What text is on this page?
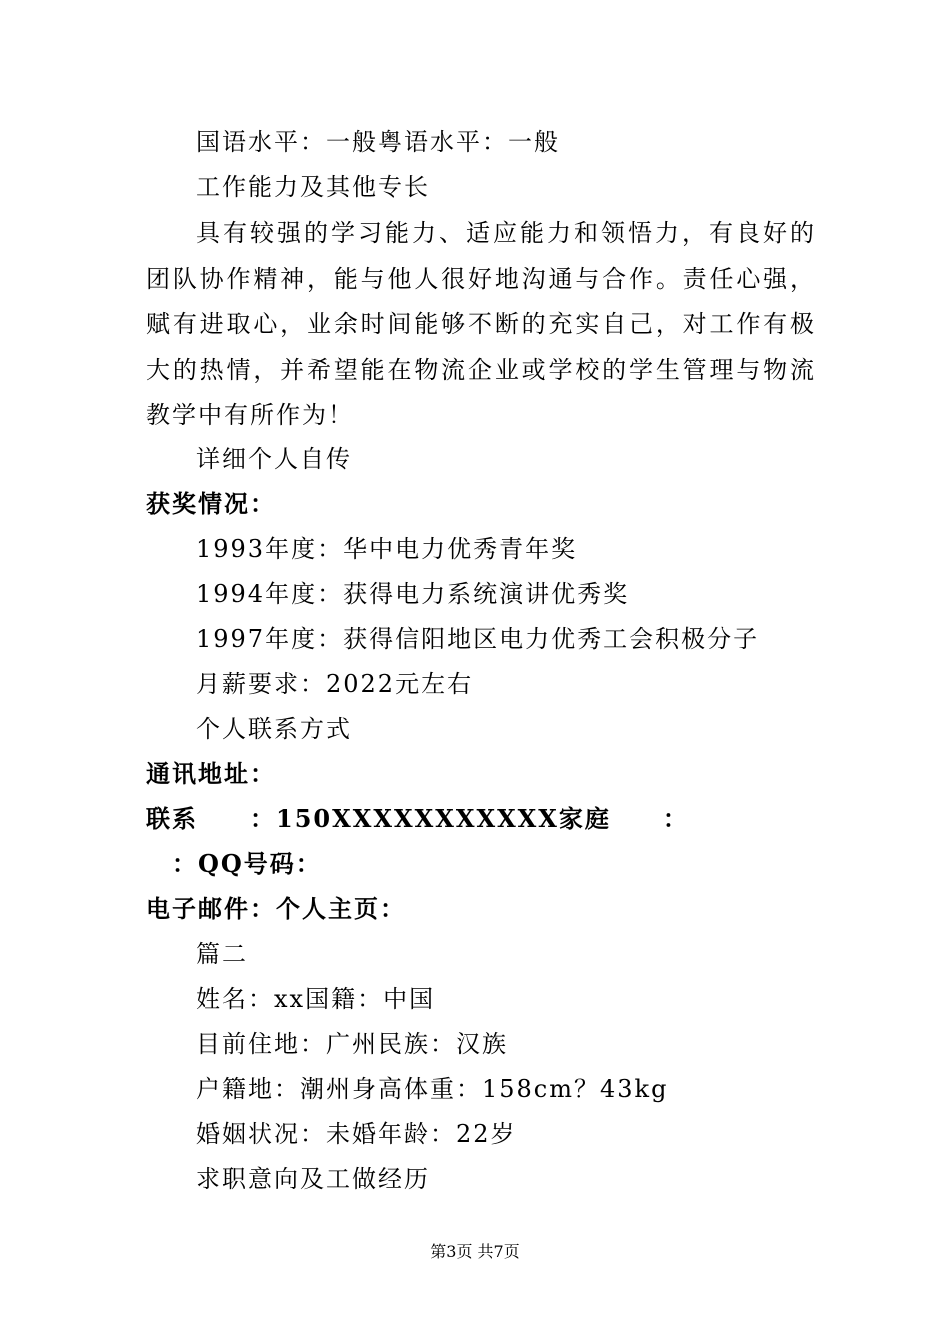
国语水平：一般粤语水平：一般
工作能力及其他专长
具有较强的学习能力、适应能力和领悟力，有良好的团队协作精神，能与他人很好地沟通与合作。责任心强，赋有进取心，业余时间能够不断的充实自己，对工作有极大的热情，并希望能在物流企业或学校的学生管理与物流教学中有所作为！
详细个人自传
获奖情况：
1993年度：华中电力优秀青年奖
1994年度：获得电力系统演讲优秀奖
1997年度：获得信阳地区电力优秀工会积极分子
月薪要求：2022元左右
个人联系方式
通讯地址：
联系　　：150XXXXXXXXXXX家庭　　：
　：QQ号码：
电子邮件：个人主页：
篇二
姓名：xx国籍：中国
目前住地：广州民族：汉族
户籍地：潮州身高体重：158cm？43kg
婚姻状况：未婚年龄：22岁
求职意向及工做经历
第3页 共7页
